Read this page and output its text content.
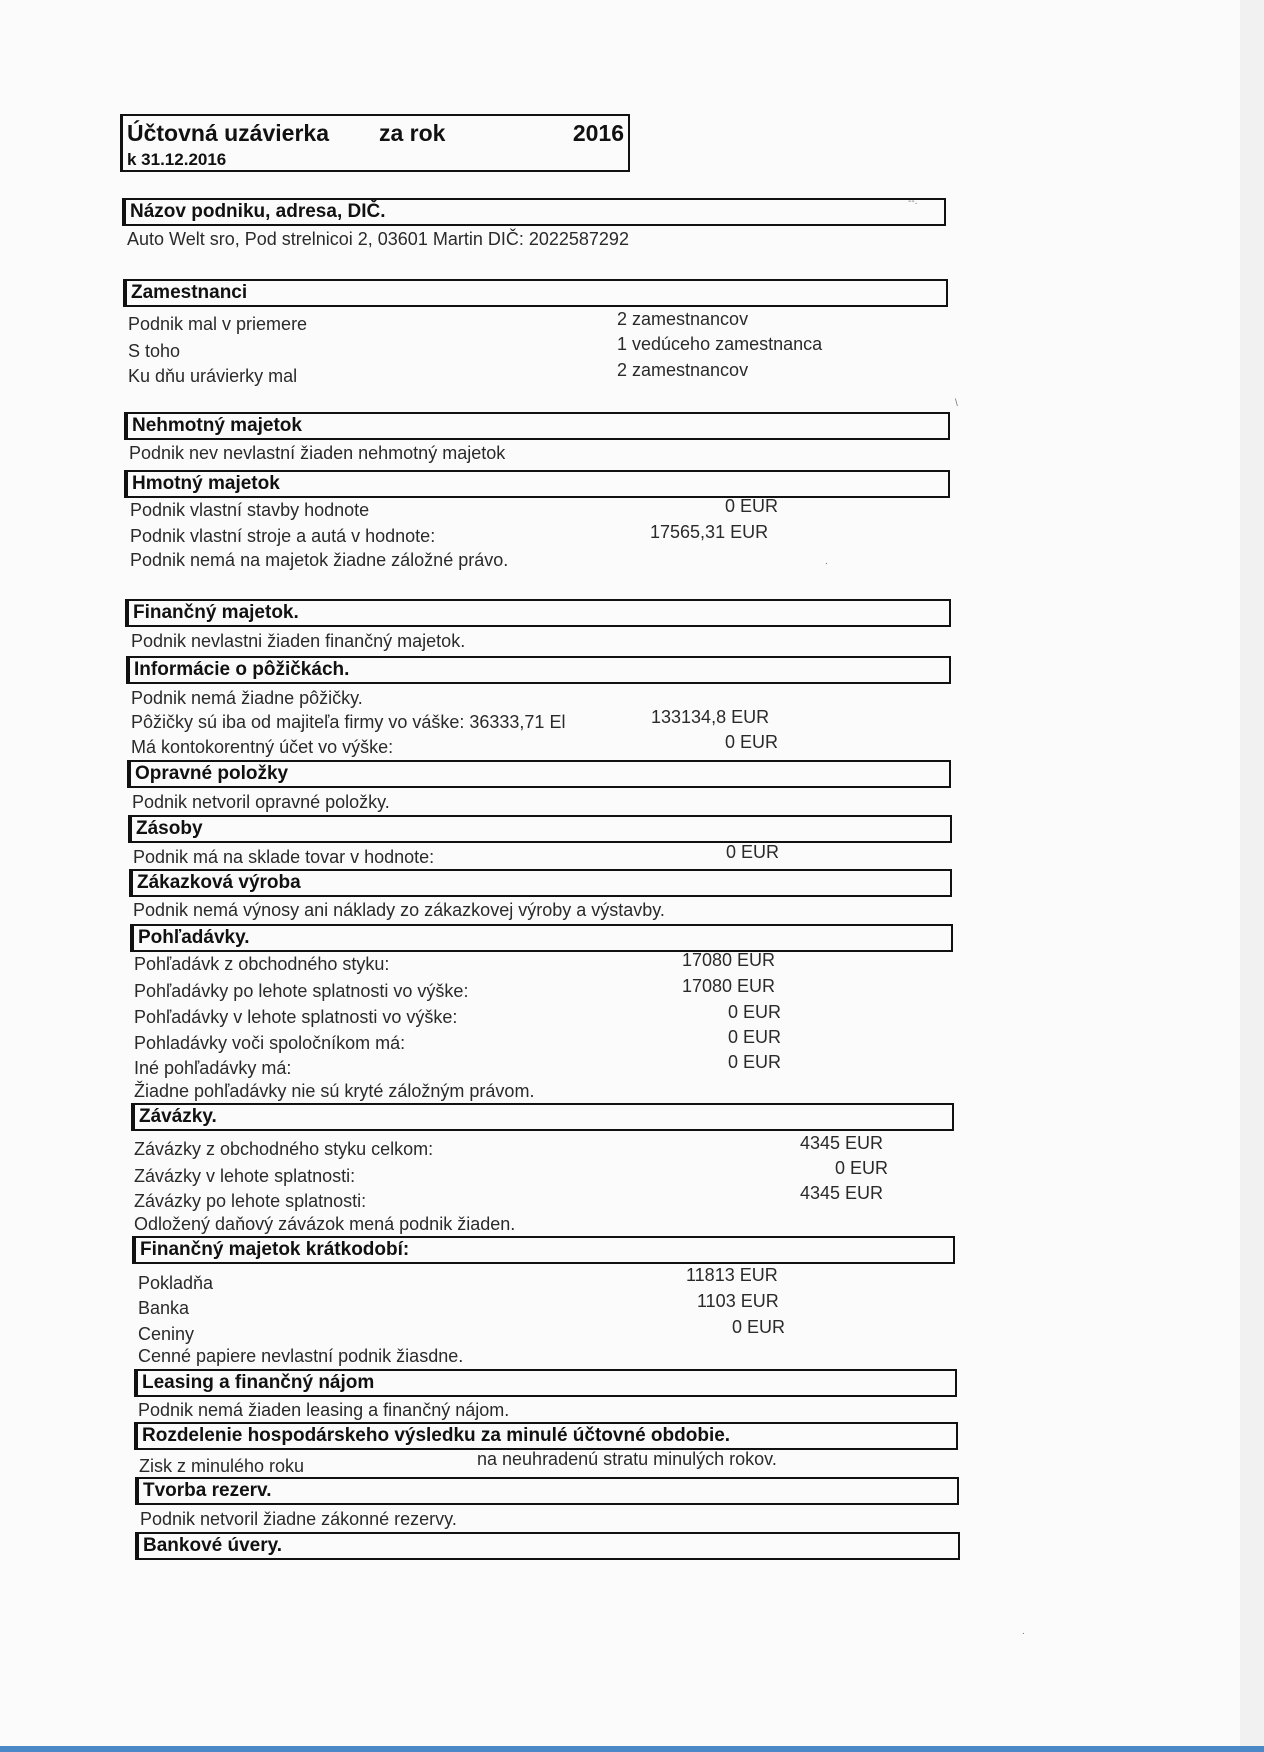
Účtovná uzávierka za rok	2016
k 31.12.2016
Názov podniku, adresa, DIČ.
Auto Welt sro, Pod strelnicoi 2, 03601 Martin DIČ: 2022587292
Zamestnanci
Podnik mal v priemere	2 zamestnancov
S toho	1 vedúceho zamestnanca
Ku dňu urávierky mal	2 zamestnancov
Nehmotný majetok
Podnik nev nevlastní žiaden nehmotný majetok
Hmotný majetok
Podnik vlastní stavby hodnote	0 EUR
Podnik vlastní stroje a autá v hodnote:	17565,31 EUR
Podnik nemá na majetok žiadne záložné právo.
Finančný majetok.
Podnik nevlastni žiaden finančný majetok.
Informácie o pôžičkách.
Podnik nemá žiadne pôžičky.
Pôžičky sú iba od majiteľa firmy vo váške: 36333,71 El	133134,8 EUR
Má kontokorentný účet vo výške:	0 EUR
Opravné položky
Podnik netvoril opravné položky.
Zásoby
Podnik má na sklade tovar v hodnote:	0 EUR
Zákazková výroba
Podnik nemá výnosy ani náklady zo zákazkovej výroby a výstavby.
Pohľadávky.
Pohľadávk z obchodného styku:	17080 EUR
Pohľadávky po lehote splatnosti vo výške:	17080 EUR
Pohľadávky v lehote splatnosti vo výške:	0 EUR
Pohladávky voči spoločníkom má:	0 EUR
Iné pohľadávky má:	0 EUR
Žiadne pohľadávky nie sú kryté záložným právom.
Závázky.
Závázky z obchodného styku celkom:	4345 EUR
Závázky v lehote splatnosti:	0 EUR
Závázky po lehote splatnosti:	4345 EUR
Odložený daňový závázok mená podnik žiaden.
Finančný majetok krátkodobí:
Pokladňa	11813 EUR
Banka	1103 EUR
Ceniny	0 EUR
Cenné papiere nevlastní podnik žiasdne.
Leasing a finančný nájom
Podnik nemá žiaden leasing a finančný nájom.
Rozdelenie hospodárskeho výsledku za minulé účtovné obdobie.
Zisk z minulého roku	na neuhradenú stratu minulých rokov.
Tvorba rezerv.
Podnik netvoril žiadne zákonné rezervy.
Bankové úvery.
-‑.
\
.
.
